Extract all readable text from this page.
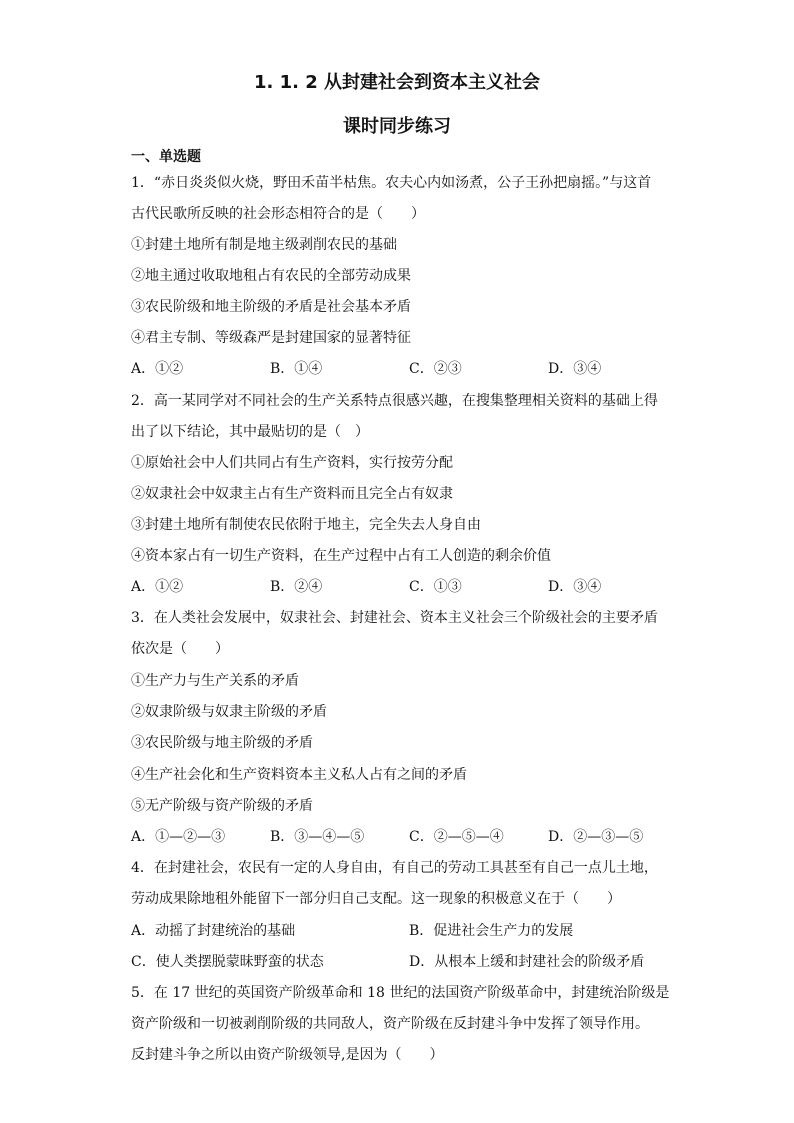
1. 1. 2 从封建社会到资本主义社会
课时同步练习
一、单选题
1．“赤日炎炎似火烧，野田禾苗半枯焦。农夫心内如汤煮，公子王孙把扇摇。”与这首
古代民歌所反映的社会形态相符合的是（　　）
①封建土地所有制是地主级剥削农民的基础
②地主通过收取地租占有农民的全部劳动成果
③农民阶级和地主阶级的矛盾是社会基本矛盾
④君主专制、等级森严是封建国家的显著特征
A．①②	B．①④	C．②③	D．③④
2．高一某同学对不同社会的生产关系特点很感兴趣，在搜集整理相关资料的基础上得
出了以下结论，其中最贴切的是（　）
①原始社会中人们共同占有生产资料，实行按劳分配
②奴隶社会中奴隶主占有生产资料而且完全占有奴隶
③封建土地所有制使农民依附于地主，完全失去人身自由
④资本家占有一切生产资料，在生产过程中占有工人创造的剩余价值
A．①②	B．②④	C．①③	D．③④
3．在人类社会发展中，奴隶社会、封建社会、资本主义社会三个阶级社会的主要矛盾
依次是（　　）
①生产力与生产关系的矛盾
②奴隶阶级与奴隶主阶级的矛盾
③农民阶级与地主阶级的矛盾
④生产社会化和生产资料资本主义私人占有之间的矛盾
⑤无产阶级与资产阶级的矛盾
A．①—②—③	B．③—④—⑤	C．②—⑤—④	D．②—③—⑤
4．在封建社会，农民有一定的人身自由，有自己的劳动工具甚至有自己一点儿土地，
劳动成果除地租外能留下一部分归自己支配。这一现象的积极意义在于（　　）
A．动摇了封建统治的基础	B．促进社会生产力的发展
C．使人类摆脱蒙昧野蛮的状态	D．从根本上缓和封建社会的阶级矛盾
5．在 17 世纪的英国资产阶级革命和 18 世纪的法国资产阶级革命中，封建统治阶级是
资产阶级和一切被剥削阶级的共同敌人，资产阶级在反封建斗争中发挥了领导作用。
反封建斗争之所以由资产阶级领导,是因为（　　）
